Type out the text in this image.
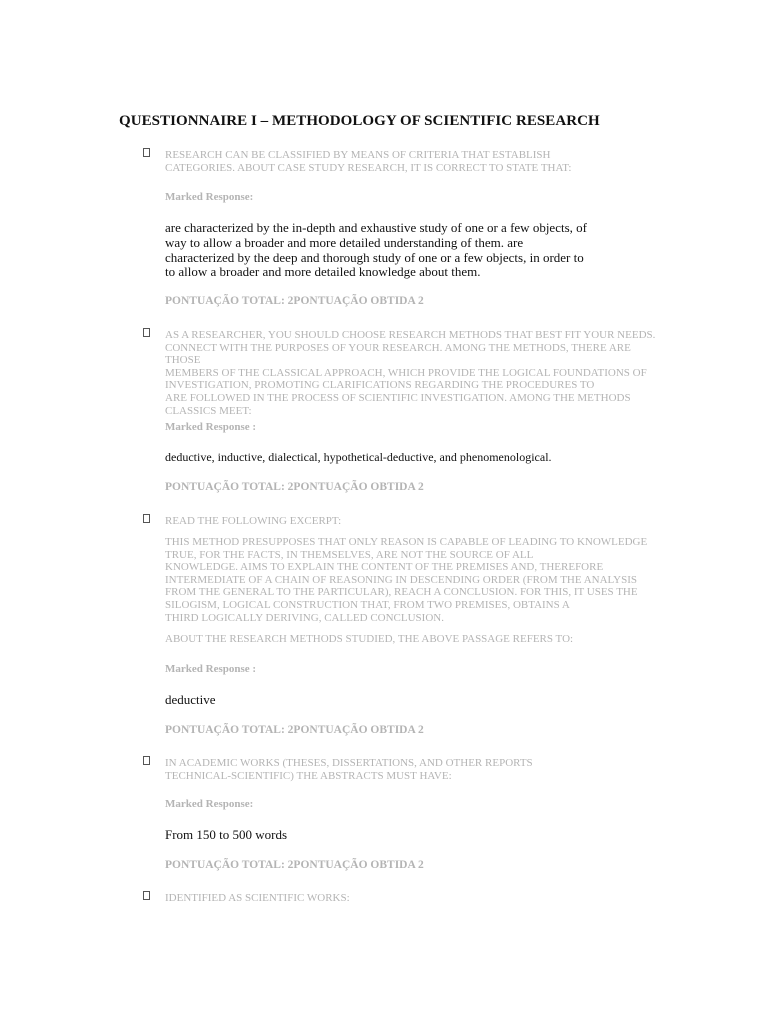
QUESTIONNAIRE I – METHODOLOGY OF SCIENTIFIC RESEARCH
RESEARCH CAN BE CLASSIFIED BY MEANS OF CRITERIA THAT ESTABLISH
CATEGORIES. ABOUT CASE STUDY RESEARCH, IT IS CORRECT TO STATE THAT:
Marked Response:
are characterized by the in-depth and exhaustive study of one or a few objects, of
way to allow a broader and more detailed understanding of them. are
characterized by the deep and thorough study of one or a few objects, in order to
to allow a broader and more detailed knowledge about them.
PONTUAÇÃO TOTAL: 2PONTUAÇÃO OBTIDA 2
AS A RESEARCHER, YOU SHOULD CHOOSE RESEARCH METHODS THAT BEST FIT YOUR NEEDS.
CONNECT WITH THE PURPOSES OF YOUR RESEARCH. AMONG THE METHODS, THERE ARE THOSE
MEMBERS OF THE CLASSICAL APPROACH, WHICH PROVIDE THE LOGICAL FOUNDATIONS OF
INVESTIGATION, PROMOTING CLARIFICATIONS REGARDING THE PROCEDURES TO
ARE FOLLOWED IN THE PROCESS OF SCIENTIFIC INVESTIGATION. AMONG THE METHODS
CLASSICS MEET:
Marked Response :
deductive, inductive, dialectical, hypothetical-deductive, and phenomenological.
PONTUAÇÃO TOTAL: 2PONTUAÇÃO OBTIDA 2
READ THE FOLLOWING EXCERPT:
THIS METHOD PRESUPPOSES THAT ONLY REASON IS CAPABLE OF LEADING TO KNOWLEDGE
TRUE, FOR THE FACTS, IN THEMSELVES, ARE NOT THE SOURCE OF ALL
KNOWLEDGE. AIMS TO EXPLAIN THE CONTENT OF THE PREMISES AND, THEREFORE
INTERMEDIATE OF A CHAIN OF REASONING IN DESCENDING ORDER (FROM THE ANALYSIS
FROM THE GENERAL TO THE PARTICULAR), REACH A CONCLUSION. FOR THIS, IT USES THE
SILOGISM, LOGICAL CONSTRUCTION THAT, FROM TWO PREMISES, OBTAINS A
THIRD LOGICALLY DERIVING, CALLED CONCLUSION.
ABOUT THE RESEARCH METHODS STUDIED, THE ABOVE PASSAGE REFERS TO:
Marked Response :
deductive
PONTUAÇÃO TOTAL: 2PONTUAÇÃO OBTIDA 2
IN ACADEMIC WORKS (THESES, DISSERTATIONS, AND OTHER REPORTS
TECHNICAL-SCIENTIFIC) THE ABSTRACTS MUST HAVE:
Marked Response:
From 150 to 500 words
PONTUAÇÃO TOTAL: 2PONTUAÇÃO OBTIDA 2
IDENTIFIED AS SCIENTIFIC WORKS:
